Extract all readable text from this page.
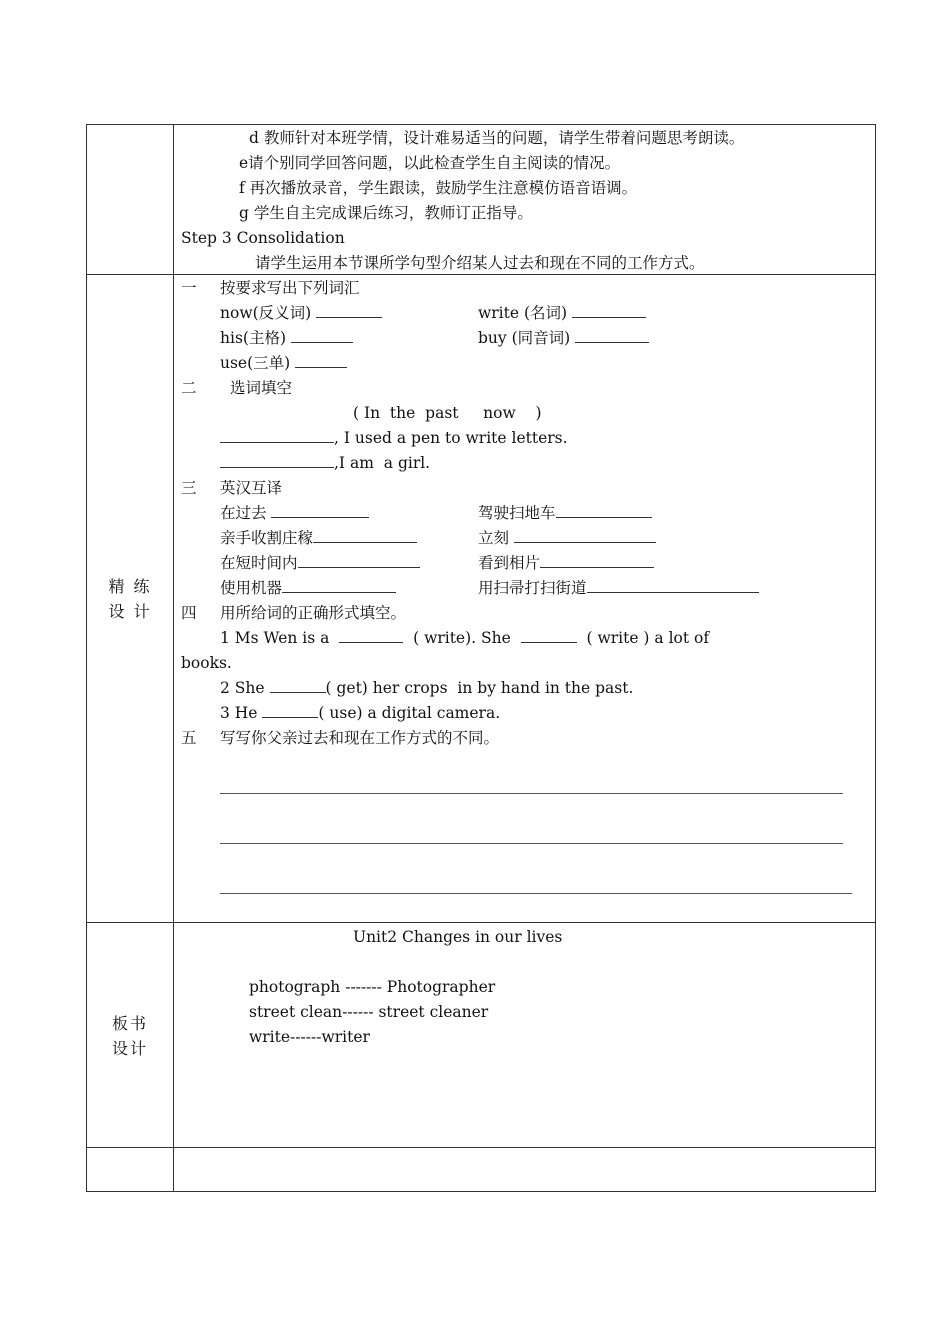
d 教师针对本班学情，设计难易适当的问题，请学生带着问题思考朗读。
e请个别同学回答问题，以此检查学生自主阅读的情况。
f 再次播放录音，学生跟读，鼓励学生注意模仿语音语调。
g 学生自主完成课后练习，教师订正指导。
Step 3 Consolidation
请学生运用本节课所学句型介绍某人过去和现在不同的工作方式。
精 练
设 计
一 按要求写出下列词汇
now(反义词)	write (名词)
his(主格)	buy (同音词)
use(三单)
二 选词填空
( In  the  past     now    )
, I used a pen to write letters.
,I am  a girl.
三 英汉互译
在过去	驾驶扫地车
亲手收割庄稼	立刻
在短时间内	看到相片
使用机器	用扫帚打扫街道
四 用所给词的正确形式填空。
1 Ms Wen is a	( write). She	( write ) a lot of
books.
2 She	( get) her crops  in by hand in the past.
3 He	( use) a digital camera.
五 写写你父亲过去和现在工作方式的不同。
板书
设计
Unit2 Changes in our lives
photograph ------- Photographer
street clean------ street cleaner
write------writer
